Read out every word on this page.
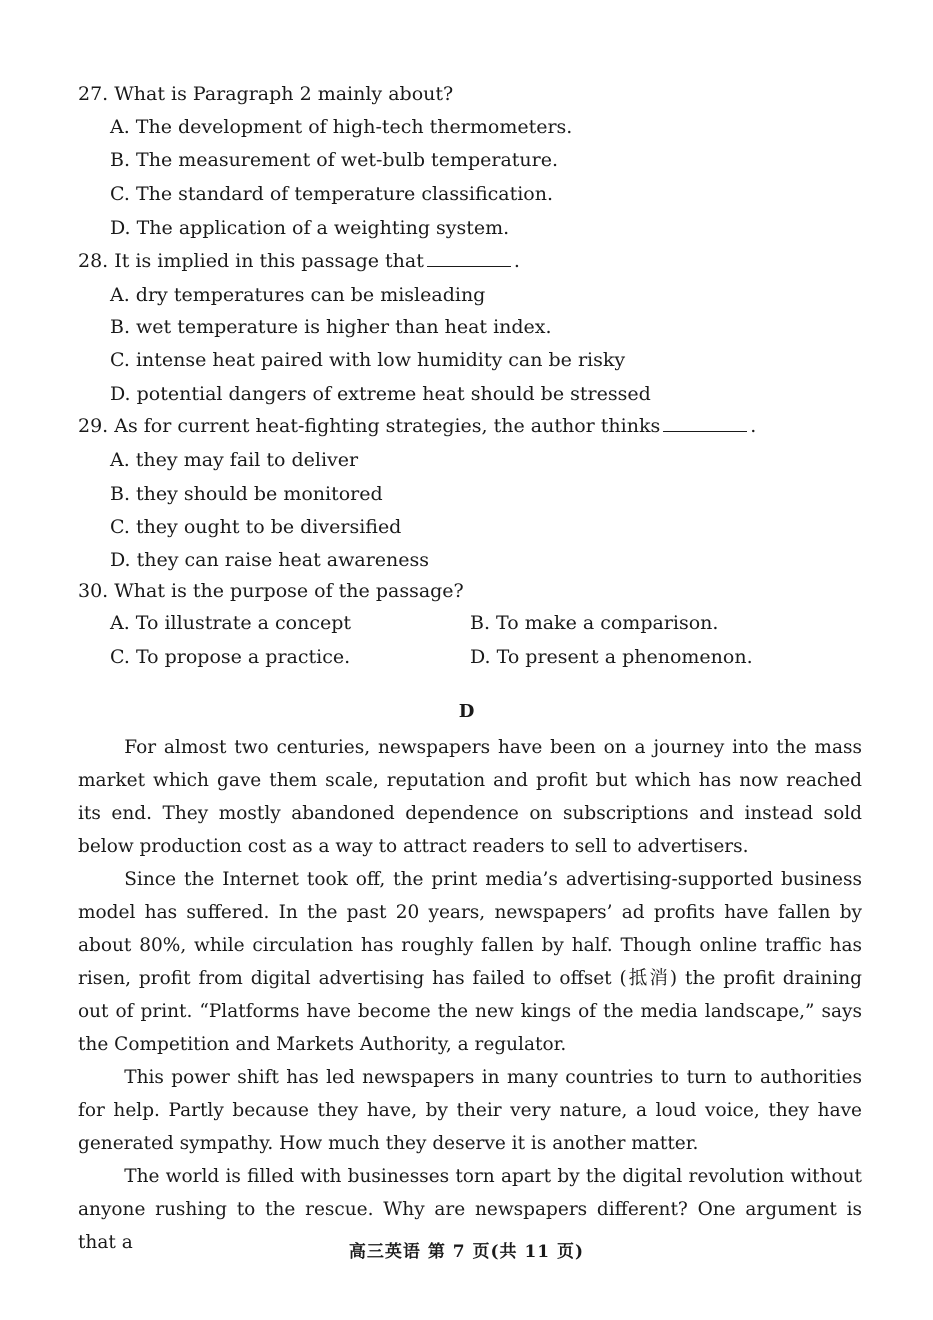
27. What is Paragraph 2 mainly about?
A. The development of high-tech thermometers.
B. The measurement of wet-bulb temperature.
C. The standard of temperature classification.
D. The application of a weighting system.
28. It is implied in this passage that	.
A. dry temperatures can be misleading
B. wet temperature is higher than heat index.
C. intense heat paired with low humidity can be risky
D. potential dangers of extreme heat should be stressed
29. As for current heat-fighting strategies, the author thinks	.
A. they may fail to deliver
B. they should be monitored
C. they ought to be diversified
D. they can raise heat awareness
30. What is the purpose of the passage?
A. To illustrate a concept	B. To make a comparison.
C. To propose a practice.	D. To present a phenomenon.
D

For almost two centuries, newspapers have been on a journey into the mass market which gave them scale, reputation and profit but which has now reached its end. They mostly abandoned dependence on subscriptions and instead sold below production cost as a way to attract readers to sell to advertisers.

Since the Internet took off, the print media’s advertising-supported business model has suffered. In the past 20 years, newspapers’ ad profits have fallen by about 80%, while circulation has roughly fallen by half. Though online traffic has risen, profit from digital advertising has failed to offset (抵消) the profit draining out of print. “Platforms have become the new kings of the media landscape,” says the Competition and Markets Authority, a regulator.

This power shift has led newspapers in many countries to turn to authorities for help. Partly because they have, by their very nature, a loud voice, they have generated sympathy. How much they deserve it is another matter.

The world is filled with businesses torn apart by the digital revolution without anyone rushing to the rescue. Why are newspapers different? One argument is that a	高三英语 第 7 页(共 11 页)
